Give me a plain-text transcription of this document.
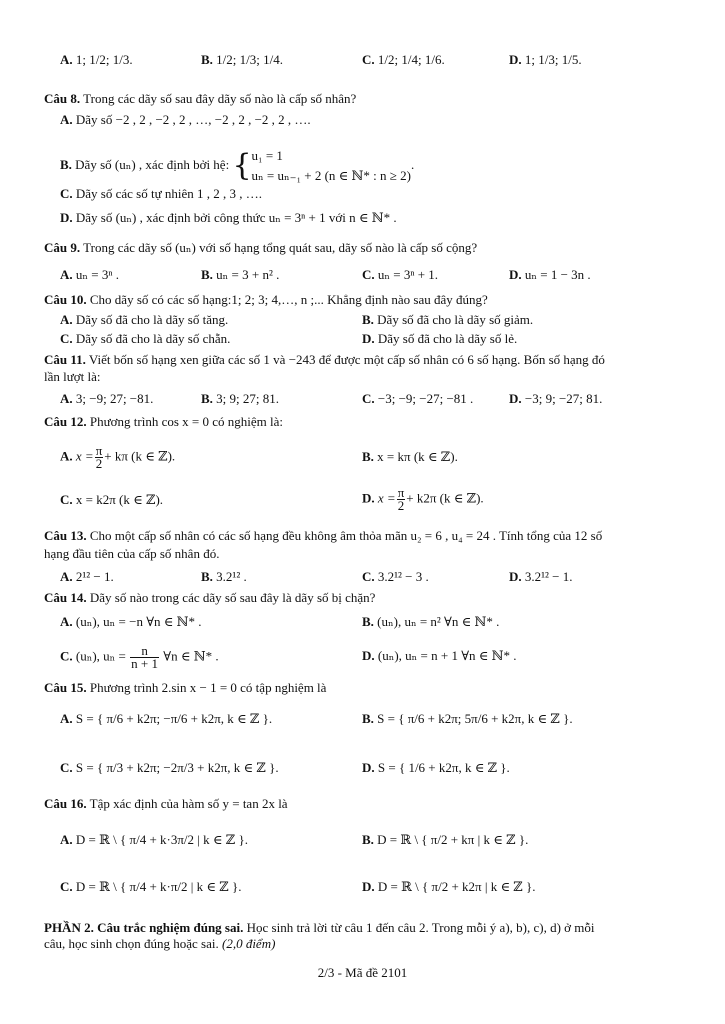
A. 1; 1/2; 1/3.	B. 1/2; 1/3; 1/4.	C. 1/2; 1/4; 1/6.	D. 1; 1/3; 1/5.
Câu 8. Trong các dãy số sau đây dãy số nào là cấp số nhân?
A. Dãy số −2 , 2 , −2 , 2 , …, −2 , 2 , −2 , 2 , ….
B. Dãy số (uₙ) , xác định bởi hệ: { u₁ = 1
uₙ = uₙ₋₁ + 2 (n ∈ ℕ* : n ≥ 2)
.
C. Dãy số các số tự nhiên 1 , 2 , 3 , ….
D. Dãy số (uₙ) , xác định bởi công thức uₙ = 3ⁿ + 1 với n ∈ ℕ* .
Câu 9. Trong các dãy số (uₙ) với số hạng tổng quát sau, dãy số nào là cấp số cộng?
A. uₙ = 3ⁿ .	B. uₙ = 3 + n² .	C. uₙ = 3ⁿ + 1.	D. uₙ = 1 − 3n .
Câu 10. Cho dãy số có các số hạng:1; 2; 3; 4,…, n ;... Khẳng định nào sau đây đúng?
A. Dãy số đã cho là dãy số tăng.	B. Dãy số đã cho là dãy số giảm.
C. Dãy số đã cho là dãy số chẵn.	D. Dãy số đã cho là dãy số lẻ.
Câu 11. Viết bốn số hạng xen giữa các số 1 và −243 để được một cấp số nhân có 6 số hạng. Bốn số hạng đó
lần lượt là:
A. 3; −9; 27; −81.	B. 3; 9; 27; 81.	C. −3; −9; −27; −81 .	D. −3; 9; −27; 81.
Câu 12. Phương trình cos x = 0 có nghiệm là:
A. $x = \frac{\pi}{2} + k\pi$ (k ∈ ℤ).	B. x = kπ (k ∈ ℤ).
C. x = k2π (k ∈ ℤ).	D. $x = \frac{\pi}{2} + k2\pi$ (k ∈ ℤ).
Câu 13. Cho một cấp số nhân có các số hạng đều không âm thỏa mãn u₂ = 6 , u₄ = 24 . Tính tổng của 12 số
hạng đầu tiên của cấp số nhân đó.
A. 2¹² − 1.	B. 3.2¹² .	C. 3.2¹² − 3 .	D. 3.2¹² − 1.
Câu 14. Dãy số nào trong các dãy số sau đây là dãy số bị chặn?
A. (uₙ), uₙ = −n ∀n ∈ ℕ* .	B. (uₙ), uₙ = n² ∀n ∈ ℕ* .
C. (uₙ), $u_n = \frac{n}{n + 1}$ ∀n ∈ ℕ* .	D. (uₙ), uₙ = n + 1 ∀n ∈ ℕ* .
Câu 15. Phương trình 2.sin x − 1 = 0 có tập nghiệm là
A. S = { π/6 + k2π; −π/6 + k2π, k ∈ ℤ }.	B. S = { π/6 + k2π; 5π/6 + k2π, k ∈ ℤ }.
C. S = { π/3 + k2π; −2π/3 + k2π, k ∈ ℤ }.	D. S = { 1/6 + k2π, k ∈ ℤ }.
Câu 16. Tập xác định của hàm số y = tan 2x là
A. D = ℝ \ { π/4 + k·3π/2 | k ∈ ℤ }.	B. D = ℝ \ { π/2 + kπ | k ∈ ℤ }.
C. D = ℝ \ { π/4 + k·π/2 | k ∈ ℤ }.	D. D = ℝ \ { π/2 + k2π | k ∈ ℤ }.
PHẦN 2. Câu trắc nghiệm đúng sai. Học sinh trả lời từ câu 1 đến câu 2. Trong mỗi ý a), b), c), d) ở mỗi
câu, học sinh chọn đúng hoặc sai. (2,0 điểm)
2/3 - Mã đề 2101
